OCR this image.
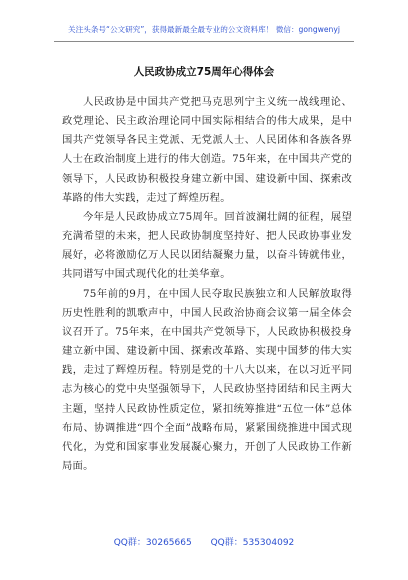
关注头条号“公文研究”，获得最新最全最专业的公文资料库！ 微信：gongwenyj
人民政协成立75周年心得体会

人民政协是中国共产党把马克思列宁主义统一战线理论、政党理论、民主政治理论同中国实际相结合的伟大成果，是中国共产党领导各民主党派、无党派人士、人民团体和各族各界人士在政治制度上进行的伟大创造。75年来，在中国共产党的领导下，人民政协积极投身建立新中国、建设新中国、探索改革路的伟大实践，走过了辉煌历程。

今年是人民政协成立75周年。回首波澜壮阔的征程，展望充满希望的未来，把人民政协制度坚持好、把人民政协事业发展好，必将激励亿万人民以团结凝聚力量，以奋斗铸就伟业，共同谱写中国式现代化的壮美华章。

75年前的9月，在中国人民夺取民族独立和人民解放取得历史性胜利的凯歌声中，中国人民政治协商会议第一届全体会议召开了。75年来，在中国共产党领导下，人民政协积极投身建立新中国、建设新中国、探索改革路、实现中国梦的伟大实践，走过了辉煌历程。特别是党的十八大以来，在以习近平同志为核心的党中央坚强领导下，人民政协坚持团结和民主两大主题，坚持人民政协性质定位，紧扣统筹推进“五位一体”总体布局、协调推进“四个全面”战略布局，紧紧围绕推进中国式现代化，为党和国家事业发展凝心聚力，开创了人民政协工作新局面。

QQ群：30265665 QQ群：535304092
